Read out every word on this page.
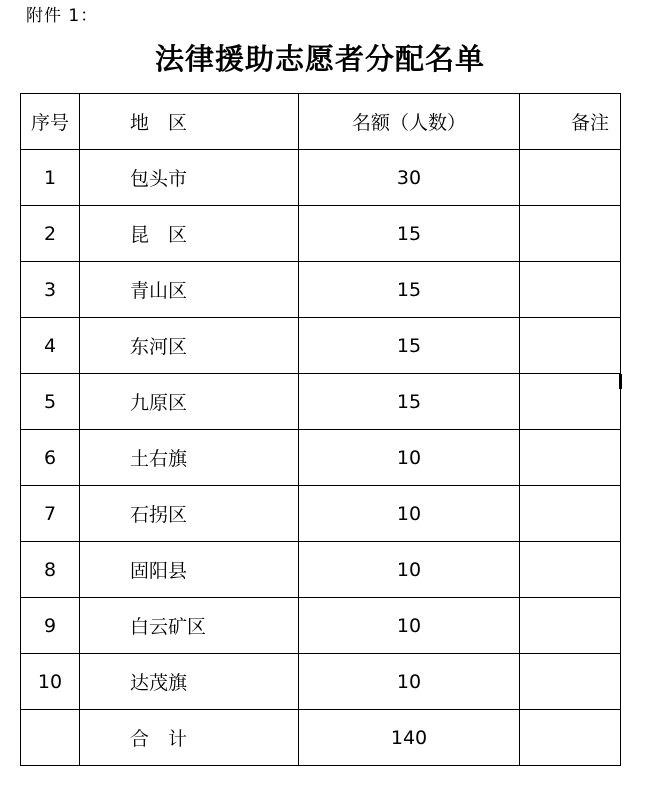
附件 1：
法律援助志愿者分配名单
序号	地　区	名额（人数）	备注
1	包头市	30	
2	昆　区	15	
3	青山区	15	
4	东河区	15	
5	九原区	15	
6	土右旗	10	
7	石拐区	10	
8	固阳县	10	
9	白云矿区	10	
10	达茂旗	10	
	合　计	140	
